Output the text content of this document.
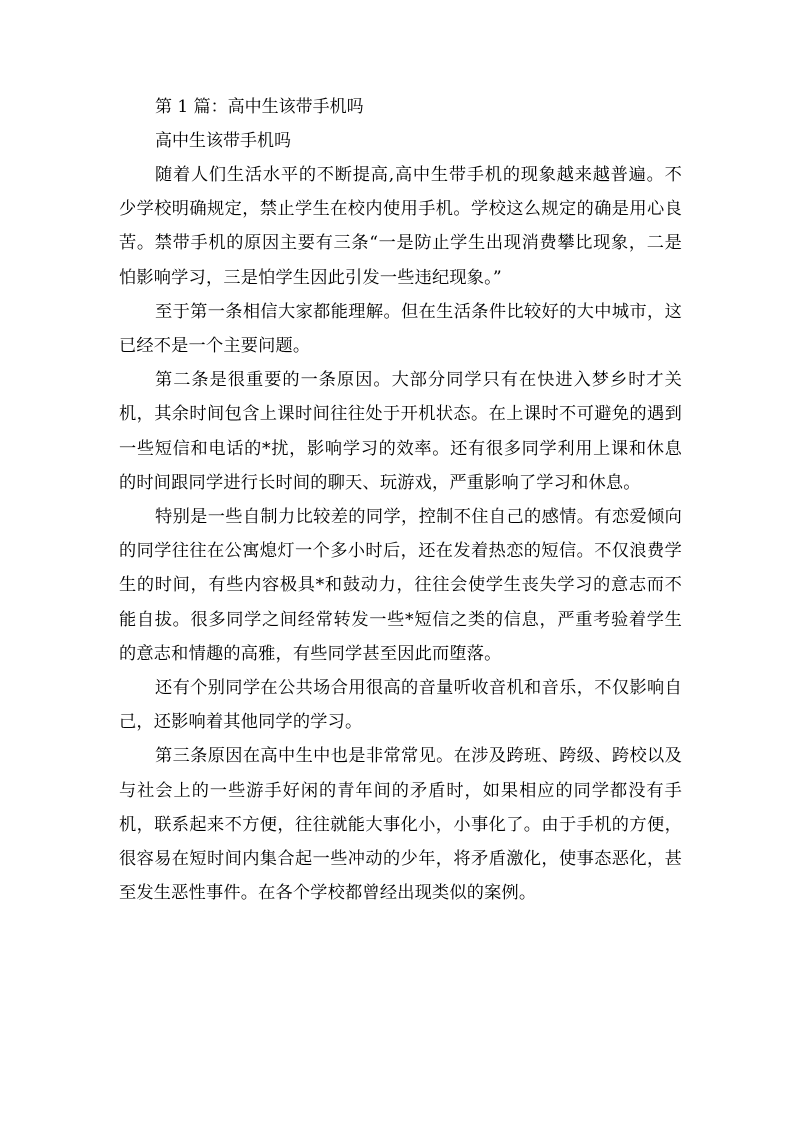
第 1 篇：高中生该带手机吗

高中生该带手机吗

随着人们生活水平的不断提高,高中生带手机的现象越来越普遍。不少学校明确规定，禁止学生在校内使用手机。学校这么规定的确是用心良苦。禁带手机的原因主要有三条“一是防止学生出现消费攀比现象，二是怕影响学习，三是怕学生因此引发一些违纪现象。”

至于第一条相信大家都能理解。但在生活条件比较好的大中城市，这已经不是一个主要问题。

第二条是很重要的一条原因。大部分同学只有在快进入梦乡时才关机，其余时间包含上课时间往往处于开机状态。在上课时不可避免的遇到一些短信和电话的*扰，影响学习的效率。还有很多同学利用上课和休息的时间跟同学进行长时间的聊天、玩游戏，严重影响了学习和休息。

特别是一些自制力比较差的同学，控制不住自己的感情。有恋爱倾向的同学往往在公寓熄灯一个多小时后，还在发着热恋的短信。不仅浪费学生的时间，有些内容极具*和鼓动力，往往会使学生丧失学习的意志而不能自拔。很多同学之间经常转发一些*短信之类的信息，严重考验着学生的意志和情趣的高雅，有些同学甚至因此而堕落。

还有个别同学在公共场合用很高的音量听收音机和音乐，不仅影响自己，还影响着其他同学的学习。

第三条原因在高中生中也是非常常见。在涉及跨班、跨级、跨校以及与社会上的一些游手好闲的青年间的矛盾时，如果相应的同学都没有手机，联系起来不方便，往往就能大事化小，小事化了。由于手机的方便，很容易在短时间内集合起一些冲动的少年，将矛盾激化，使事态恶化，甚至发生恶性事件。在各个学校都曾经出现类似的案例。
